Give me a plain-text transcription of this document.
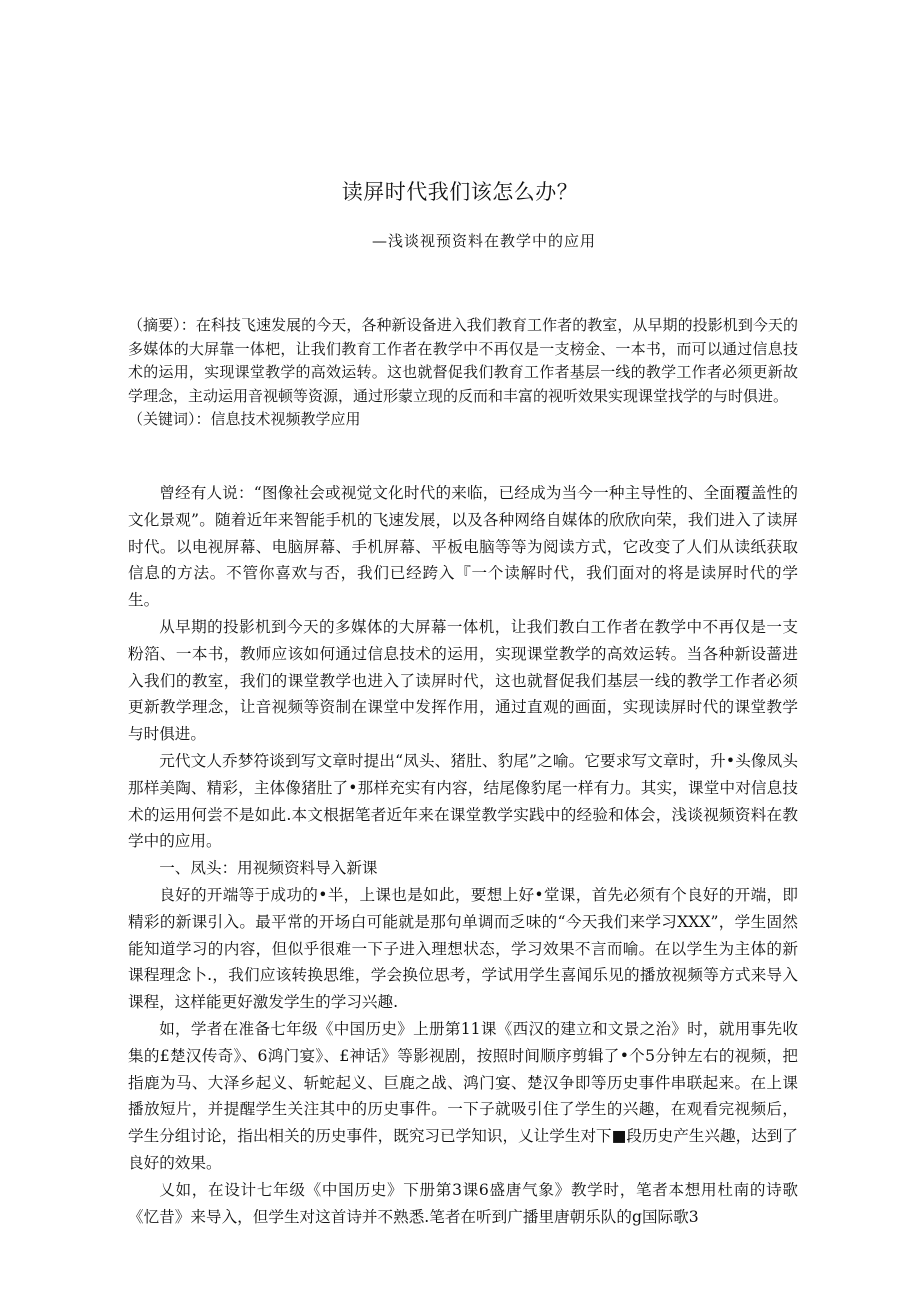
读屏时代我们该怎么办？
—浅谈视预资料在教学中的应用

（摘要）：在科技飞速发展的今天，各种新设备进入我们教育工作者的教室，从早期的投影机到今天的多媒体的大屏靠一体杷，让我们教育工作者在教学中不再仅是一支榜金、一本书，而可以通过信息技术的运用，实现课堂教学的高效运转。这也就督促我们教育工作者基层一线的教学工作者必须更新故学理念，主动运用音视顿等资源，通过形蒙立现的反而和丰富的视听效果实现课堂找学的与时俱进。

（关键词）：信息技术视频教学应用

曾经有人说：“图像社会或视觉文化时代的来临，已经成为当今一种主导性的、全面覆盖性的文化景观”。随着近年来智能手机的飞速发展，以及各种网络自媒体的欣欣向荣，我们进入了读屏时代。以电视屏幕、电脑屏幕、手机屏幕、平板电脑等等为阅读方式，它改变了人们从读纸获取信息的方法。不管你喜欢与否，我们已经跨入『一个读解时代，我们面对的将是读屏时代的学生。

从早期的投影机到今天的多媒体的大屏幕一体机，让我们教白工作者在教学中不再仅是一支粉箔、一本书，教师应该如何通过信息技术的运用，实现课堂教学的高效运转。当各种新设蔷进入我们的教室，我们的课堂教学也进入了读屏时代，这也就督促我们基层一线的教学工作者必须更新教学理念，让音视频等资制在课堂中发挥作用，通过直观的画面，实现读屏时代的课堂教学与时俱进。

元代文人乔梦符谈到写文章时提出“凤头、猪肚、豹尾”之喻。它要求写文章时，升•头像凤头那样美陶、精彩，主体像猪肚了•那样充实有内容，结尾像豹尾一样有力。其实，课堂中对信息技术的运用何尝不是如此.本文根据笔者近年来在课堂教学实践中的经验和体会，浅谈视频资料在教学中的应用。

一、凤头：用视频资料导入新课

良好的开端等于成功的•半，上课也是如此，要想上好•堂课，首先必须有个良好的开端，即精彩的新课引入。最平常的开场白可能就是那句单调而乏味的“今天我们来学习XXX”，学生固然能知道学习的内容，但似乎很难一下子进入理想状态，学习效果不言而喻。在以学生为主体的新课程理念卜.，我们应该转换思维，学会换位思考，学试用学生喜闻乐见的播放视频等方式来导入课程，这样能更好激发学生的学习兴趣.

如，学者在准备七年级《中国历史》上册第11课《西汉的建立和文景之治》时，就用事先收集的£楚汉传奇》、6鸿门宴》、£神话》等影视剧，按照时间顺序剪辑了•个5分钟左右的视频，把指鹿为马、大泽乡起义、斩蛇起义、巨鹿之战、鸿门宴、楚汉争即等历史事件串联起来。在上课播放短片，并提醒学生关注其中的历史事件。一下子就吸引住了学生的兴趣，在观看完视频后，学生分组讨论，指出相关的历史事件，既究习已学知识，乂让学生对下■段历史产生兴趣，达到了良好的效果。

乂如，在设计七年级《中国历史》下册第3课6盛唐气象》教学时，笔者本想用杜南的诗歌《忆昔》来导入，但学生对这首诗并不熟悉.笔者在听到广播里唐朝乐队的g国际歌3
